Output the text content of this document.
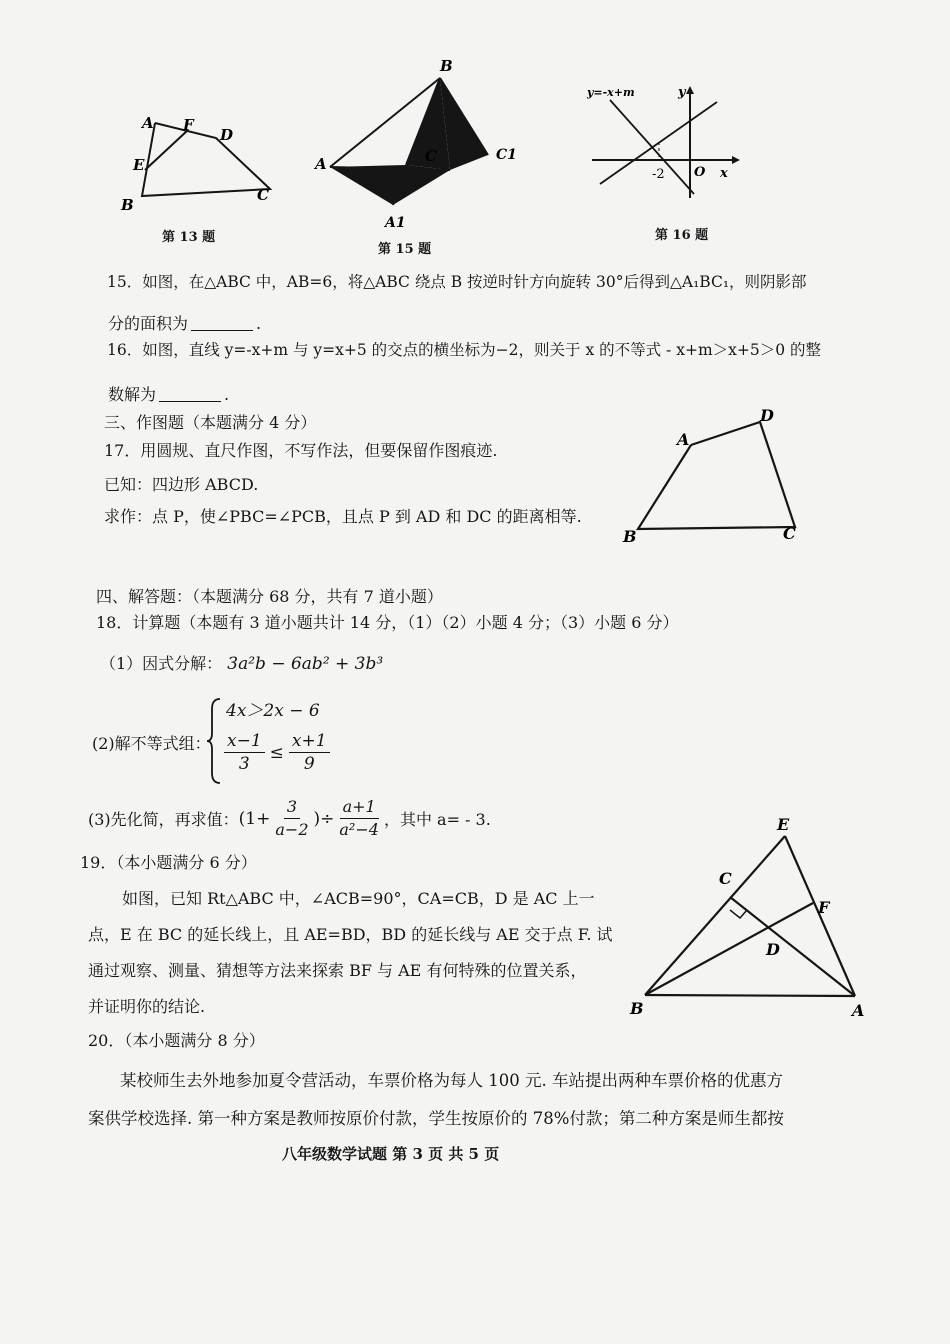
A F
D
E
B
C
第 13 题
B
A	C	C1
A1
第 15 题
y=-x+m	y
-2 O x
第 16 题
15．如图，在△ABC 中，AB=6，将△ABC 绕点 B 按逆时针方向旋转 30°后得到△A₁BC₁，则阴影部
分的面积为	.
16．如图，直线 y=-x+m 与 y=x+5 的交点的横坐标为−2，则关于 x 的不等式 - x+m＞x+5＞0 的整
数解为	.
三、作图题（本题满分 4 分）
17．用圆规、直尺作图，不写作法，但要保留作图痕迹.
已知：四边形 ABCD.
求作：点 P，使∠PBC=∠PCB，且点 P 到 AD 和 DC 的距离相等.
A
D
B	C
四、解答题：（本题满分 68 分，共有 7 道小题）
18．计算题（本题有 3 道小题共计 14 分，（1）（2）小题 4 分；（3）小题 6 分）
（1）因式分解： 3a²b − 6ab² + 3b³
(2)解不等式组：
4x＞2x − 6
$\frac{x-1}{3} \le \frac{x+1}{9}$
(3)先化简，再求值： ($1+ \frac{3}{a-2}$ )÷ $\frac{a+1}{\text{a²−4}}$ ，其中 a= - 3.
19．（本小题满分 6 分）
如图，已知 Rt△ABC 中，∠ACB=90°，CA=CB，D 是 AC 上一
点，E 在 BC 的延长线上，且 AE=BD，BD 的延长线与 AE 交于点 F. 试
通过观察、测量、猜想等方法来探索 BF 与 AE 有何特殊的位置关系，
并证明你的结论.
E
C
F
D
B	A
20．（本小题满分 8 分）
某校师生去外地参加夏令营活动，车票价格为每人 100 元. 车站提出两种车票价格的优惠方
案供学校选择. 第一种方案是教师按原价付款，学生按原价的 78%付款；第二种方案是师生都按
八年级数学试题 第 3 页 共 5 页
